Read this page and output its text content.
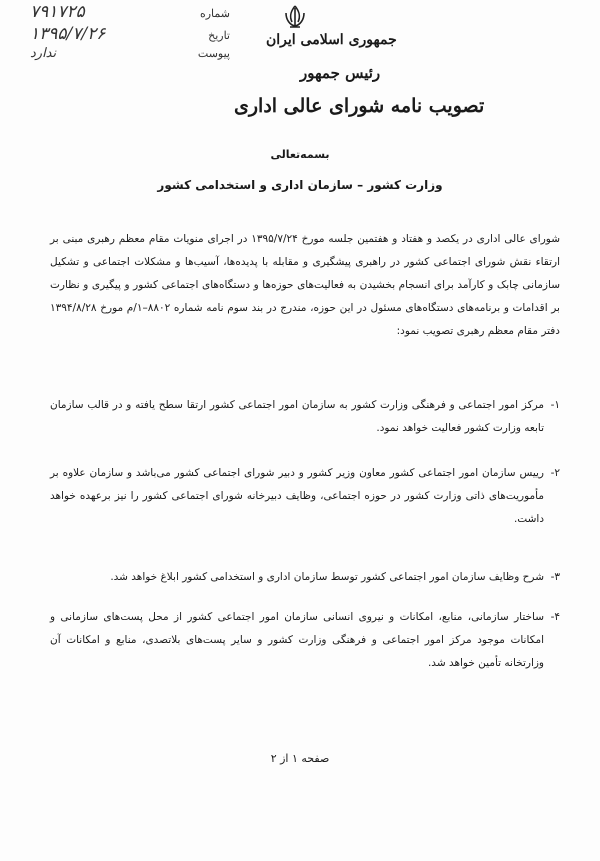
۷۹۱۷۲۵	شماره
۱۳۹۵/۷/۲۶	تاریخ
ندارد	پیوست
جمهوری اسلامی ایران
رئیس جمهور
تصویب نامه شورای عالی اداری
بسمه‌تعالی
وزارت کشور – سازمان اداری و استخدامی کشور
شورای عالی اداری در یکصد و هفتاد و هفتمین جلسه مورخ ۱۳۹۵/۷/۲۴ در اجرای منویات مقام معظم رهبری مبنی بر ارتقاء نقش شورای اجتماعی کشور در راهبری پیشگیری و مقابله با پدیده‌ها، آسیب‌ها و مشکلات اجتماعی و تشکیل سازمانی چابک و کارآمد برای انسجام بخشیدن به فعالیت‌های حوزه‌ها و دستگاه‌های اجتماعی کشور و پیگیری و نظارت بر اقدامات و برنامه‌های دستگاه‌های مسئول در این حوزه، مندرج در بند سوم نامه شماره ۸۸۰۲–۱/م مورخ ۱۳۹۴/۸/۲۸ دفتر مقام معظم رهبری تصویب نمود:
۱-
مرکز امور اجتماعی و فرهنگی وزارت کشور به سازمان امور اجتماعی کشور ارتقا سطح یافته و در قالب سازمان تابعه وزارت کشور فعالیت خواهد نمود.
۲-
رییس سازمان امور اجتماعی کشور معاون وزیر کشور و دبیر شورای اجتماعی کشور می‌باشد و سازمان علاوه بر مأموریت‌های ذاتی وزارت کشور در حوزه اجتماعی، وظایف دبیرخانه شورای اجتماعی کشور را نیز برعهده خواهد داشت.
۳-
شرح وظایف سازمان امور اجتماعی کشور توسط سازمان اداری و استخدامی کشور ابلاغ خواهد شد.
۴-
ساختار سازمانی، منابع، امکانات و نیروی انسانی سازمان امور اجتماعی کشور از محل پست‌های سازمانی و امکانات موجود مرکز امور اجتماعی و فرهنگی وزارت کشور و سایر پست‌های بلاتصدی، منابع و امکانات آن وزارتخانه تأمین خواهد شد.
صفحه ۱ از ۲
